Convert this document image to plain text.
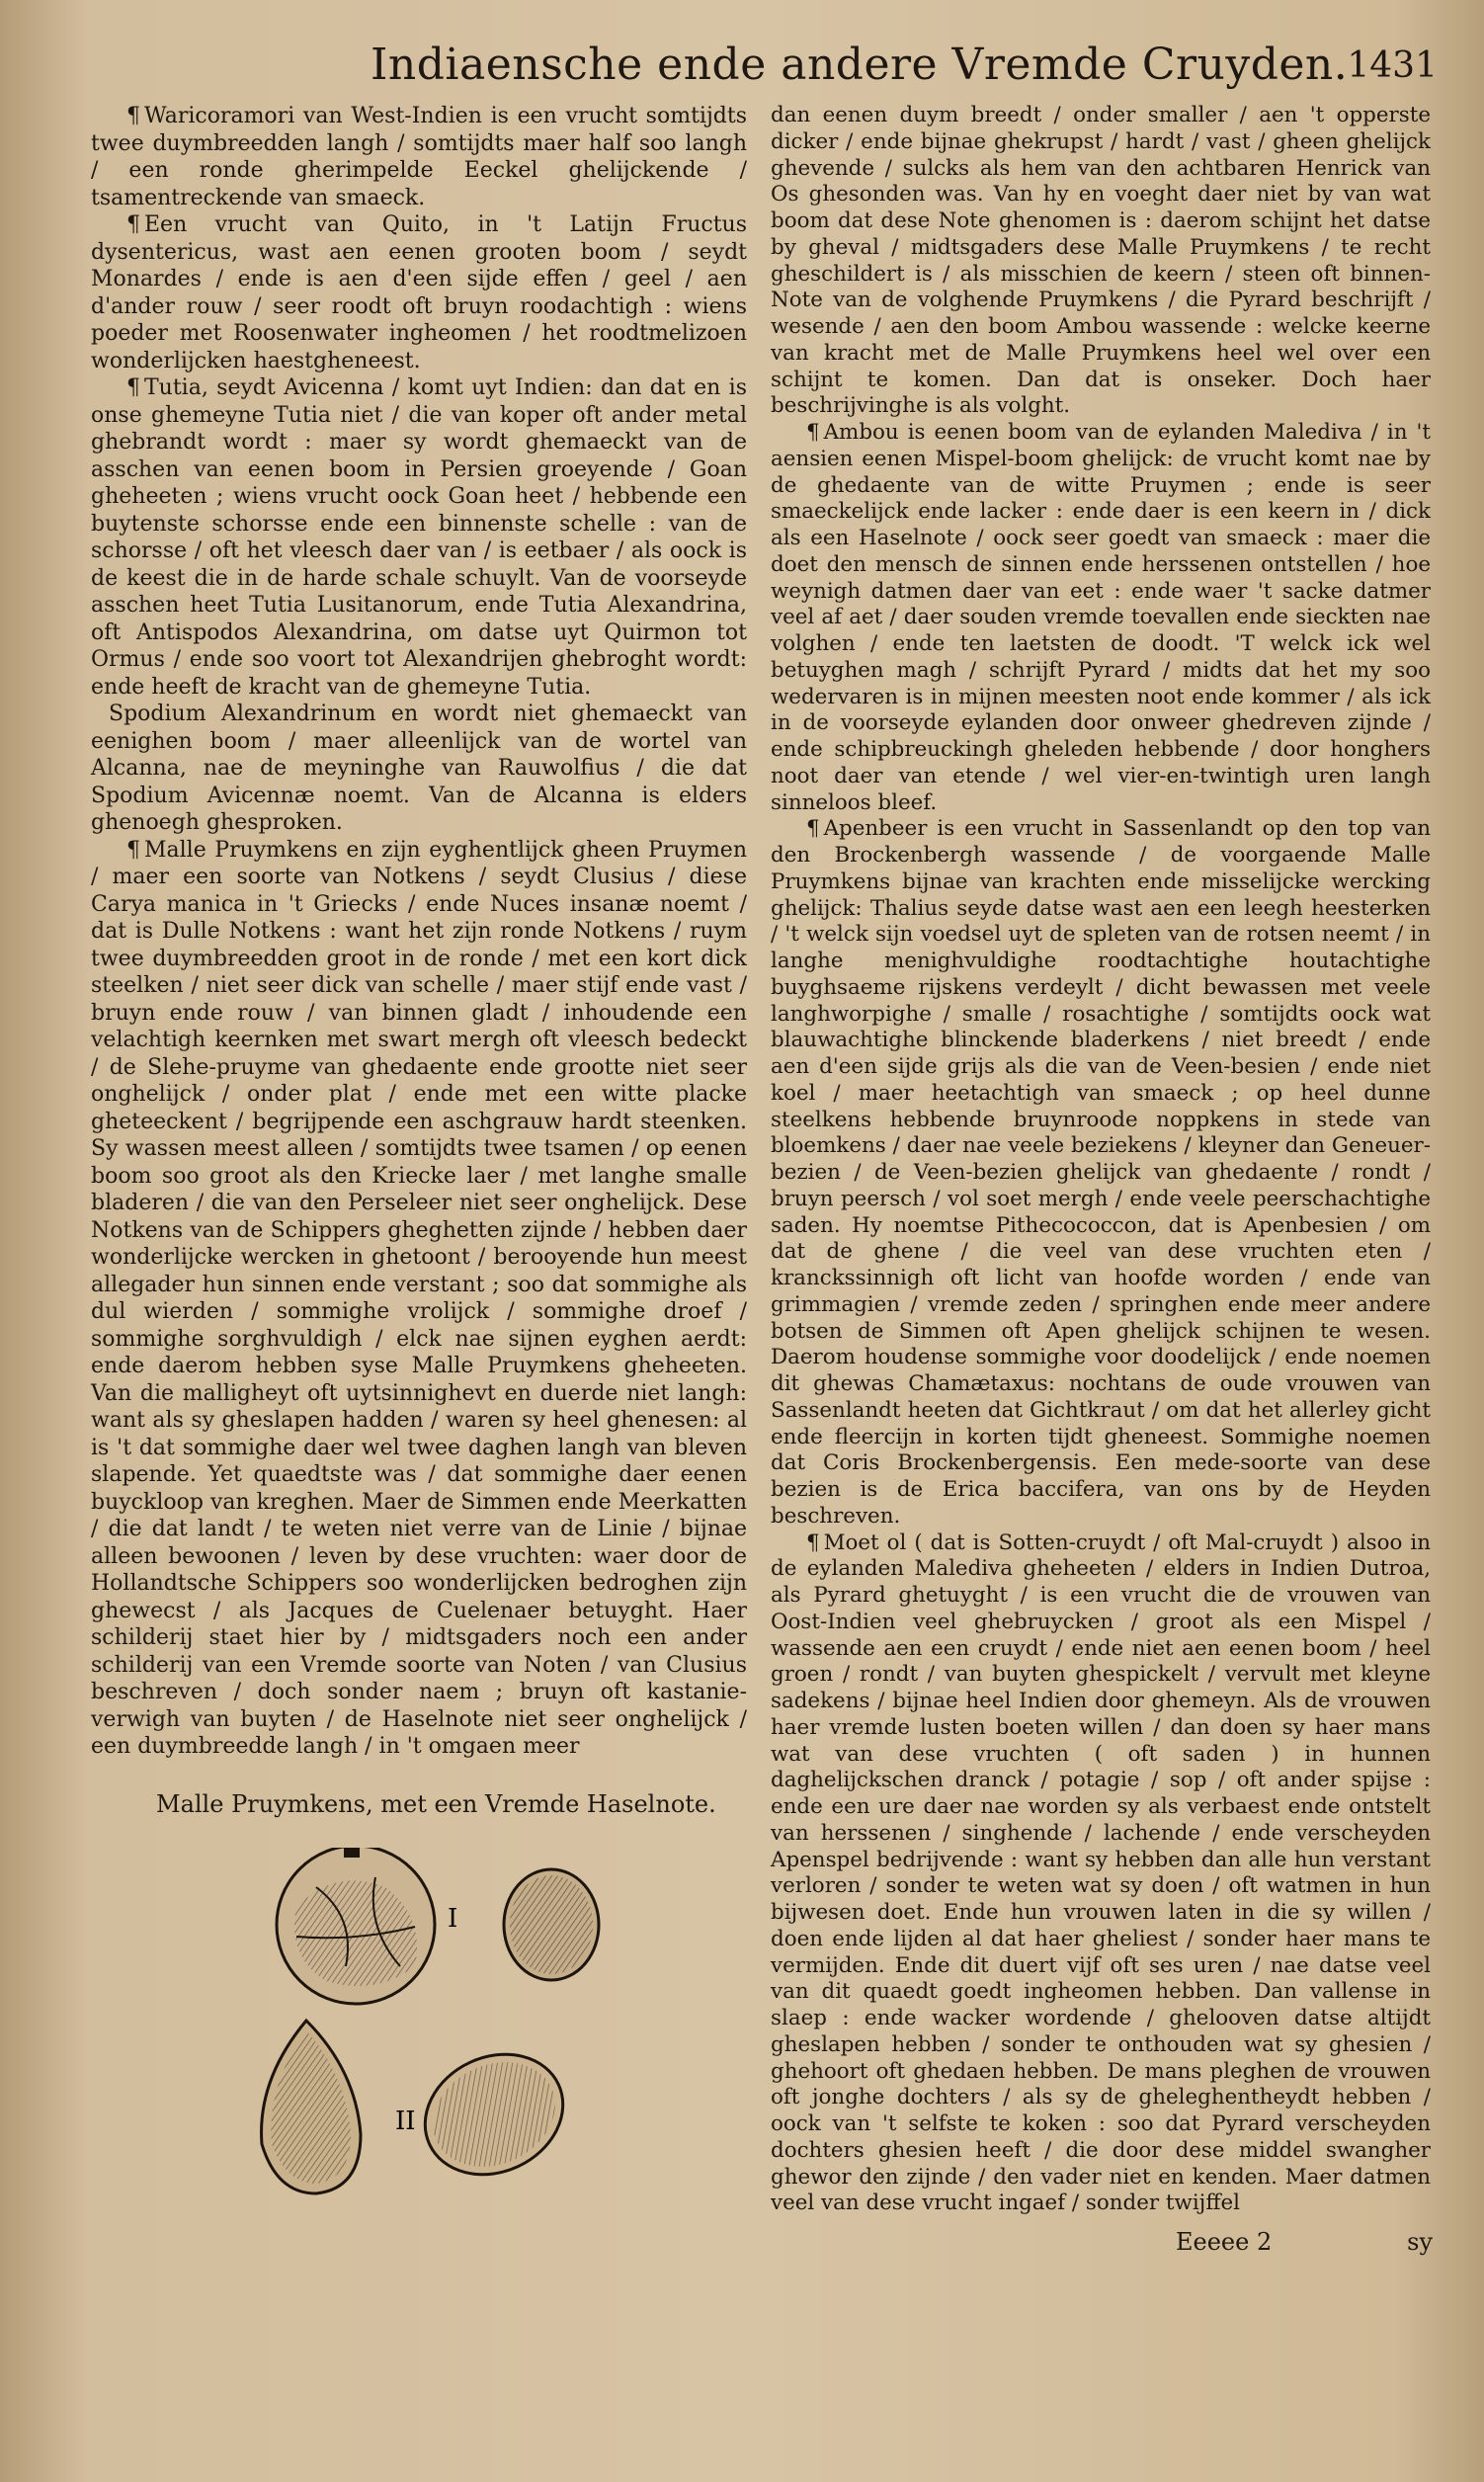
Indiaensche ende andere Vremde Cruyden. 1431

¶ Waricoramori van West-Indien is een vrucht somtijdts twee duymbreedden langh / somtijdts maer half soo langh / een ronde gherimpelde Eeckel ghelijckende / tsamentreckende van smaeck.

¶ Een vrucht van Quito, in 't Latijn Fructus dysentericus, wast aen eenen grooten boom / seydt Monardes / ende is aen d'een sijde effen / geel / aen d'ander rouw / seer roodt oft bruyn roodachtigh : wiens poeder met Roosenwater ingheomen / het roodtmelizoen wonderlijcken haestgheneest.

¶ Tutia, seydt Avicenna / komt uyt Indien: dan dat en is onse ghemeyne Tutia niet / die van koper oft ander metal ghebrandt wordt : maer sy wordt ghemaeckt van de asschen van eenen boom in Persien groeyende / Goan gheheeten ; wiens vrucht oock Goan heet / hebbende een buytenste schorsse ende een binnenste schelle : van de schorsse / oft het vleesch daer van / is eetbaer / als oock is de keest die in de harde schale schuylt. Van de voorseyde asschen heet Tutia Lusitanorum, ende Tutia Alexandrina, oft Antispodos Alexandrina, om datse uyt Quirmon tot Ormus / ende soo voort tot Alexandrijen ghebroght wordt: ende heeft de kracht van de ghemeyne Tutia.

Spodium Alexandrinum en wordt niet ghemaeckt van eenighen boom / maer alleenlijck van de wortel van Alcanna, nae de meyninghe van Rauwolfius / die dat Spodium Avicennæ noemt. Van de Alcanna is elders ghenoegh ghesproken.

¶ Malle Pruymkens en zijn eyghentlijck gheen Pruymen / maer een soorte van Notkens / seydt Clusius / diese Carya manica in 't Griecks / ende Nuces insanæ noemt / dat is Dulle Notkens : want het zijn ronde Notkens / ruym twee duymbreedden groot in de ronde / met een kort dick steelken / niet seer dick van schelle / maer stijf ende vast / bruyn ende rouw / van binnen gladt / inhoudende een velachtigh keernken met swart mergh oft vleesch bedeckt / de Slehe-pruyme van ghedaente ende grootte niet seer onghelijck / onder plat / ende met een witte placke gheteeckent / begrijpende een aschgrauw hardt steenken. Sy wassen meest alleen / somtijdts twee tsamen / op eenen boom soo groot als den Kriecke laer / met langhe smalle bladeren / die van den Perseleer niet seer onghelijck. Dese Notkens van de Schippers gheghetten zijnde / hebben daer wonderlijcke wercken in ghetoont / berooyende hun meest allegader hun sinnen ende verstant ; soo dat sommighe als dul wierden / sommighe vrolijck / sommighe droef / sommighe sorghvuldigh / elck nae sijnen eyghen aerdt: ende daerom hebben syse Malle Pruymkens gheheeten. Van die malligheyt oft uytsinnighevt en duerde niet langh: want als sy gheslapen hadden / waren sy heel ghenesen: al is 't dat sommighe daer wel twee daghen langh van bleven slapende. Yet quaedtste was / dat sommighe daer eenen buyckloop van kreghen. Maer de Simmen ende Meerkatten / die dat landt / te weten niet verre van de Linie / bijnae alleen bewoonen / leven by dese vruchten: waer door de Hollandtsche Schippers soo wonderlijcken bedroghen zijn ghewecst / als Jacques de Cuelenaer betuyght. Haer schilderij staet hier by / midtsgaders noch een ander schilderij van een Vremde soorte van Noten / van Clusius beschreven / doch sonder naem ; bruyn oft kastanie-verwigh van buyten / de Haselnote niet seer onghelijck / een duymbreedde langh / in 't omgaen meer

Malle Pruymkens, met een Vremde Haselnote.
I
II
Eeeee 2	sy

dan eenen duym breedt / onder smaller / aen 't opperste dicker / ende bijnae ghekrupst / hardt / vast / gheen ghelijck ghevende / sulcks als hem van den achtbaren Henrick van Os ghesonden was. Van hy en voeght daer niet by van wat boom dat dese Note ghenomen is : daerom schijnt het datse by gheval / midtsgaders dese Malle Pruymkens / te recht gheschildert is / als misschien de keern / steen oft binnen-Note van de volghende Pruymkens / die Pyrard beschrijft / wesende / aen den boom Ambou wassende : welcke keerne van kracht met de Malle Pruymkens heel wel over een schijnt te komen. Dan dat is onseker. Doch haer beschrijvinghe is als volght.

¶ Ambou is eenen boom van de eylanden Malediva / in 't aensien eenen Mispel-boom ghelijck: de vrucht komt nae by de ghedaente van de witte Pruymen ; ende is seer smaeckelijck ende lacker : ende daer is een keern in / dick als een Haselnote / oock seer goedt van smaeck : maer die doet den mensch de sinnen ende herssenen ontstellen / hoe weynigh datmen daer van eet : ende waer 't sacke datmer veel af aet / daer souden vremde toevallen ende sieckten nae volghen / ende ten laetsten de doodt. 'T welck ick wel betuyghen magh / schrijft Pyrard / midts dat het my soo wedervaren is in mijnen meesten noot ende kommer / als ick in de voorseyde eylanden door onweer ghedreven zijnde / ende schipbreuckingh gheleden hebbende / door honghers noot daer van etende / wel vier-en-twintigh uren langh sinneloos bleef.

¶ Apenbeer is een vrucht in Sassenlandt op den top van den Brockenbergh wassende / de voorgaende Malle Pruymkens bijnae van krachten ende misselijcke wercking ghelijck: Thalius seyde datse wast aen een leegh heesterken / 't welck sijn voedsel uyt de spleten van de rotsen neemt / in langhe menighvuldighe roodtachtighe houtachtighe buyghsaeme rijskens verdeylt / dicht bewassen met veele langhworpighe / smalle / rosachtighe / somtijdts oock wat blauwachtighe blinckende bladerkens / niet breedt / ende aen d'een sijde grijs als die van de Veen-besien / ende niet koel / maer heetachtigh van smaeck ; op heel dunne steelkens hebbende bruynroode noppkens in stede van bloemkens / daer nae veele beziekens / kleyner dan Geneuer-bezien / de Veen-bezien ghelijck van ghedaente / rondt / bruyn peersch / vol soet mergh / ende veele peerschachtighe saden. Hy noemtse Pithecococcon, dat is Apenbesien / om dat de ghene / die veel van dese vruchten eten / kranckssinnigh oft licht van hoofde worden / ende van grimmagien / vremde zeden / springhen ende meer andere botsen de Simmen oft Apen ghelijck schijnen te wesen. Daerom houdense sommighe voor doodelijck / ende noemen dit ghewas Chamætaxus: nochtans de oude vrouwen van Sassenlandt heeten dat Gichtkraut / om dat het allerley gicht ende fleercijn in korten tijdt gheneest. Sommighe noemen dat Coris Brockenbergensis. Een mede-soorte van dese bezien is de Erica baccifera, van ons by de Heyden beschreven.

¶ Moet ol ( dat is Sotten-cruydt / oft Mal-cruydt ) alsoo in de eylanden Malediva gheheeten / elders in Indien Dutroa, als Pyrard ghetuyght / is een vrucht die de vrouwen van Oost-Indien veel ghebruycken / groot als een Mispel / wassende aen een cruydt / ende niet aen eenen boom / heel groen / rondt / van buyten ghespickelt / vervult met kleyne sadekens / bijnae heel Indien door ghemeyn. Als de vrouwen haer vremde lusten boeten willen / dan doen sy haer mans wat van dese vruchten ( oft saden ) in hunnen daghelijckschen dranck / potagie / sop / oft ander spijse : ende een ure daer nae worden sy als verbaest ende ontstelt van herssenen / singhende / lachende / ende verscheyden Apenspel bedrijvende : want sy hebben dan alle hun verstant verloren / sonder te weten wat sy doen / oft watmen in hun bijwesen doet. Ende hun vrouwen laten in die sy willen / doen ende lijden al dat haer gheliest / sonder haer mans te vermijden. Ende dit duert vijf oft ses uren / nae datse veel van dit quaedt goedt ingheomen hebben. Dan vallense in slaep : ende wacker wordende / ghelooven datse altijdt gheslapen hebben / sonder te onthouden wat sy ghesien / ghehoort oft ghedaen hebben. De mans pleghen de vrouwen oft jonghe dochters / als sy de gheleghentheydt hebben / oock van 't selfste te koken : soo dat Pyrard verscheyden dochters ghesien heeft / die door dese middel swangher ghewor den zijnde / den vader niet en kenden. Maer datmen veel van dese vrucht ingaef / sonder twijffel
